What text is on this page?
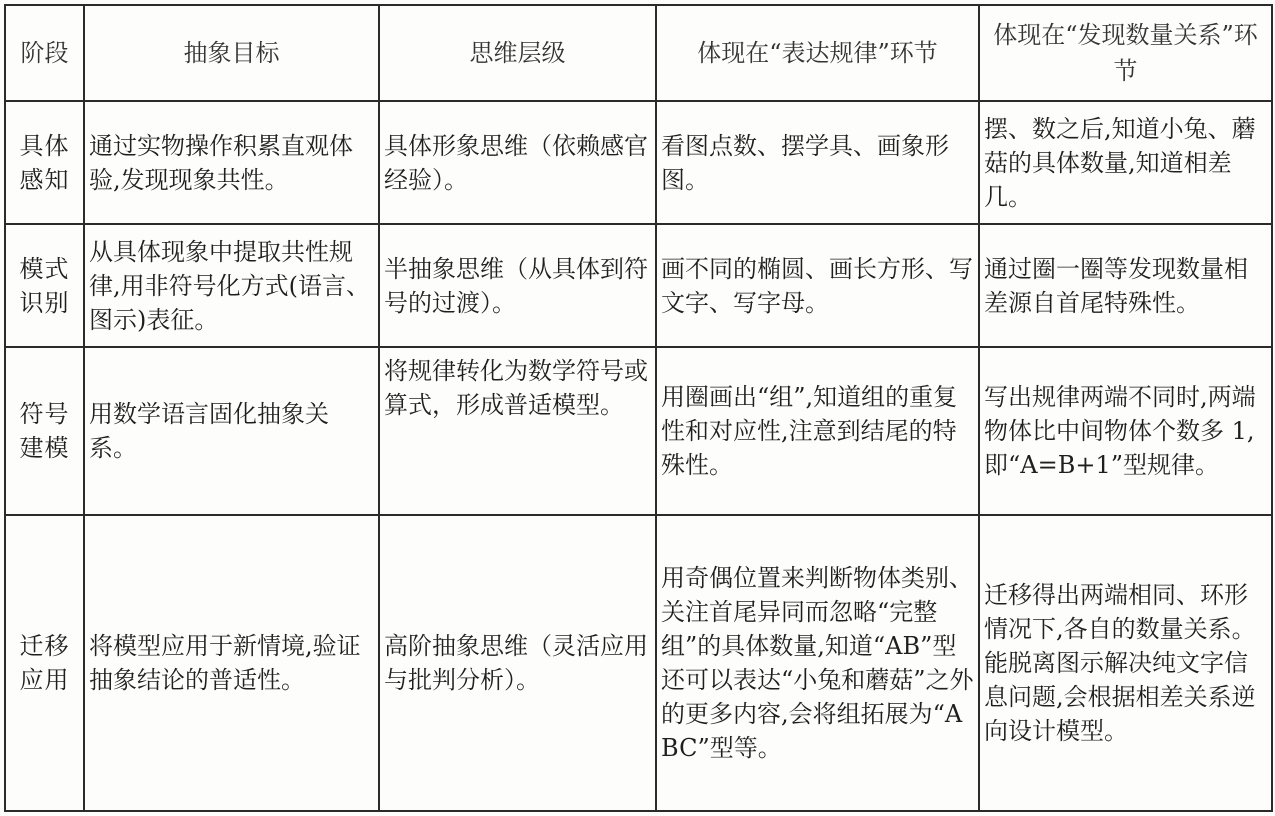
阶段	抽象目标	思维层级	体现在“表达规律”环节	体现在“发现数量关系”环节
具体感知	通过实物操作积累直观体验,发现现象共性。	具体形象思维（依赖感官经验）。	看图点数、摆学具、画象形图。	摆、数之后,知道小兔、蘑菇的具体数量,知道相差几。
模式识别	从具体现象中提取共性规律,用非符号化方式(语言、图示)表征。	半抽象思维（从具体到符号的过渡）。	画不同的椭圆、画长方形、写文字、写字母。	通过圈一圈等发现数量相差源自首尾特殊性。
符号建模	用数学语言固化抽象关系。	将规律转化为数学符号或算式，形成普适模型。	用圈画出“组”,知道组的重复性和对应性,注意到结尾的特殊性。	写出规律两端不同时,两端物体比中间物体个数多 1,即“A=B+1”型规律。
迁移应用	将模型应用于新情境,验证抽象结论的普适性。	高阶抽象思维（灵活应用与批判分析）。	用奇偶位置来判断物体类别、关注首尾异同而忽略“完整组”的具体数量,知道“AB”型还可以表达“小兔和蘑菇”之外的更多内容,会将组拓展为“ABC”型等。	迁移得出两端相同、环形情况下,各自的数量关系。能脱离图示解决纯文字信息问题,会根据相差关系逆向设计模型。
